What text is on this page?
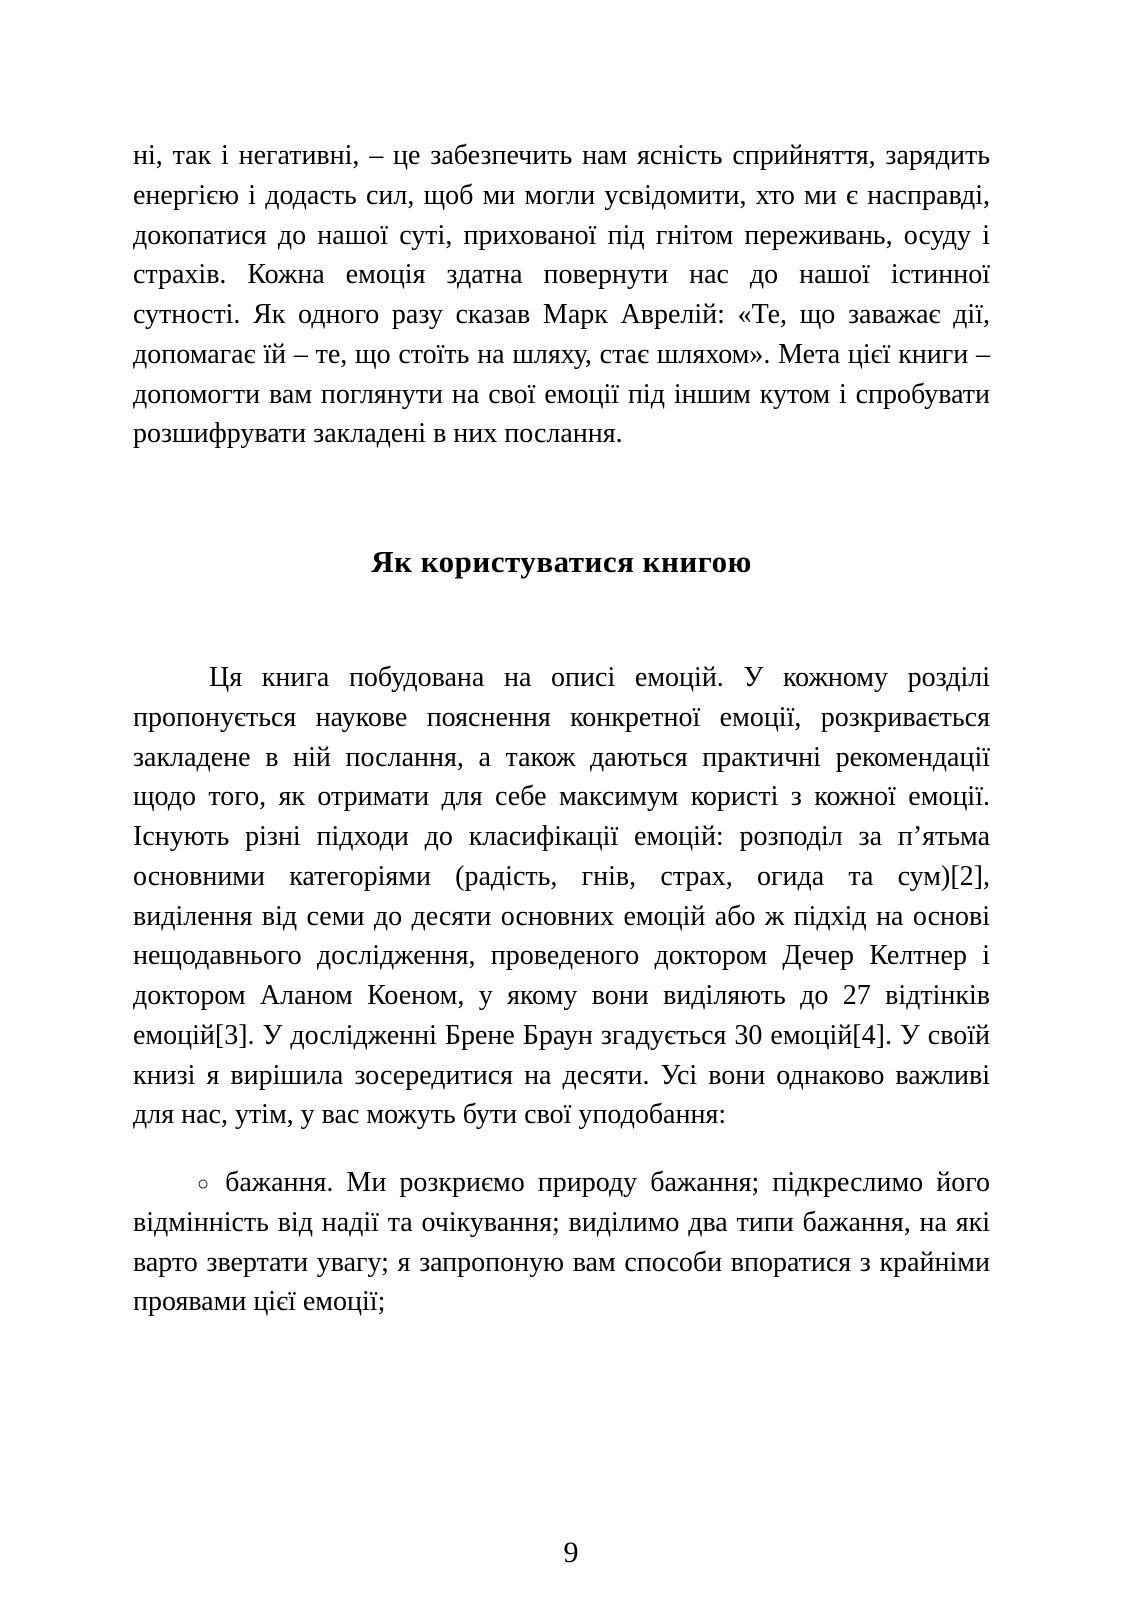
ні, так і негативні, – це забезпечить нам ясність сприйняття, зарядить енергією і додасть сил, щоб ми могли усвідомити, хто ми є насправді, докопатися до нашої суті, прихованої під гнітом переживань, осуду і страхів. Кожна емоція здатна повернути нас до нашої істинної сутності. Як одного разу сказав Марк Аврелій: «Те, що заважає дії, допомагає їй – те, що стоїть на шляху, стає шляхом». Мета цієї книги – допомогти вам поглянути на свої емоції під іншим кутом і спробувати розшифрувати закладені в них послання.

Як користуватися книгою

Ця книга побудована на описі емоцій. У кожному розділі пропонується наукове пояснення конкретної емоції, розкривається закладене в ній послання, а також даються практичні рекомендації щодо того, як отримати для себе максимум користі з кожної емоції. Існують різні підходи до класифікації емоцій: розподіл за п’ятьма основними категоріями (радість, гнів, страх, огида та сум)[2], виділення від семи до десяти основних емоцій або ж підхід на основі нещодавнього дослідження, проведеного доктором Дечер Келтнер і доктором Аланом Коеном, у якому вони виділяють до 27 відтінків емоцій[3]. У дослідженні Брене Браун згадується 30 емоцій[4]. У своїй книзі я вирішила зосередитися на десяти. Усі вони однаково важливі для нас, утім, у вас можуть бути свої уподобання:

○ бажання. Ми розкриємо природу бажання; підкреслимо його відмінність від надії та очікування; виділимо два типи бажання, на які варто звертати увагу; я запропоную вам способи впоратися з крайніми проявами цієї емоції;

9
